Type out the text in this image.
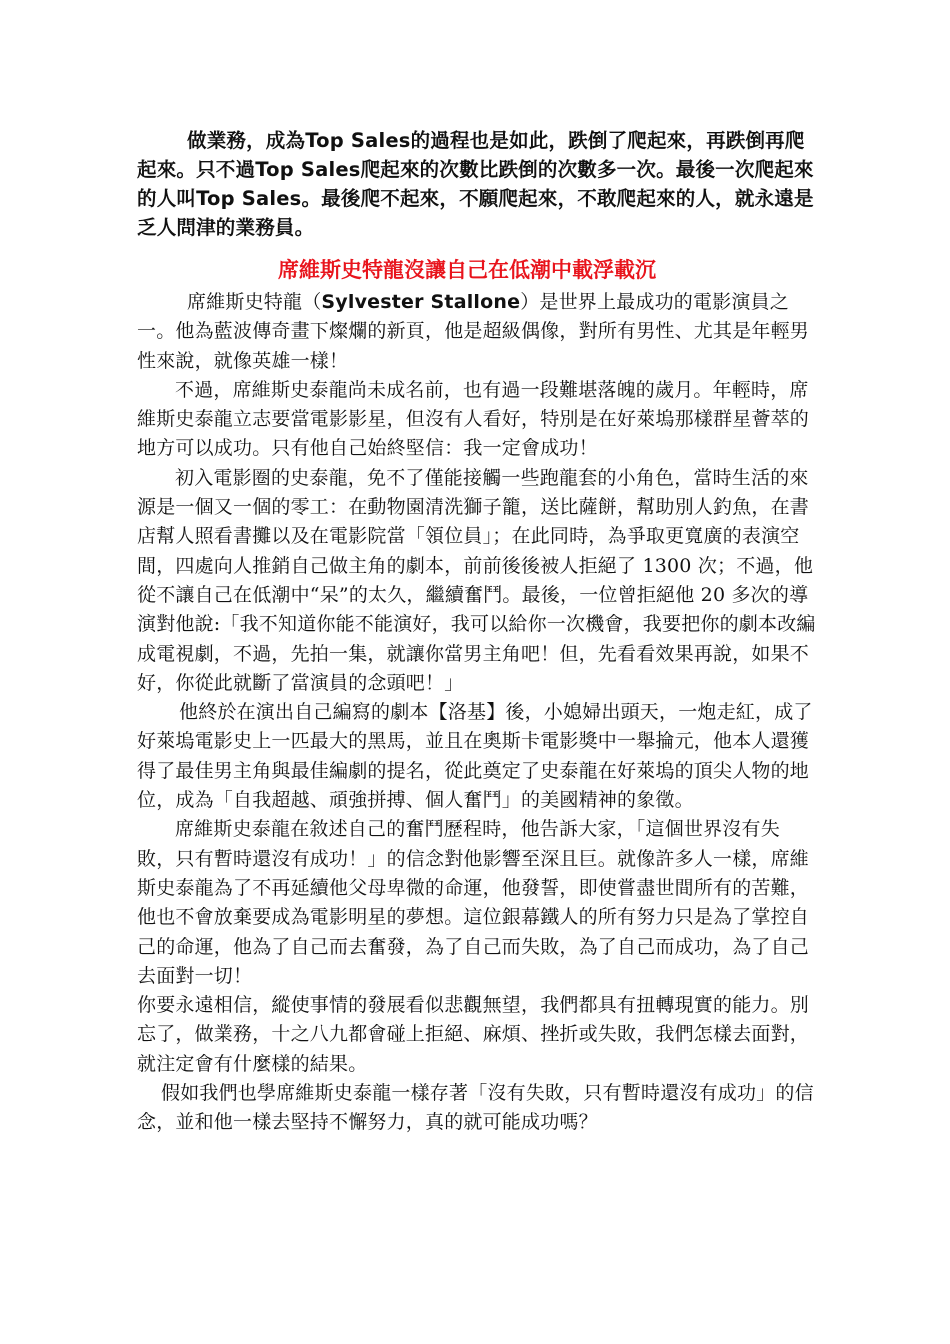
做業務，成為Top Sales的過程也是如此，跌倒了爬起來，再跌倒再爬起來。只不過Top Sales爬起來的次數比跌倒的次數多一次。最後一次爬起來的人叫Top Sales。最後爬不起來，不願爬起來，不敢爬起來的人，就永遠是乏人問津的業務員。

席維斯史特龍沒讓自己在低潮中載浮載沉

席維斯史特龍（Sylvester Stallone）是世界上最成功的電影演員之一。他為藍波傳奇畫下燦爛的新頁，他是超級偶像，對所有男性、尤其是年輕男性來說，就像英雄一樣！

不過，席維斯史泰龍尚未成名前，也有過一段難堪落魄的歲月。年輕時，席維斯史泰龍立志要當電影影星，但沒有人看好，特別是在好萊塢那樣群星薈萃的地方可以成功。只有他自己始終堅信：我一定會成功！

初入電影圈的史泰龍，免不了僅能接觸一些跑龍套的小角色，當時生活的來源是一個又一個的零工：在動物園清洗獅子籠，送比薩餅，幫助別人釣魚，在書店幫人照看書攤以及在電影院當「領位員」；在此同時，為爭取更寬廣的表演空間，四處向人推銷自己做主角的劇本，前前後後被人拒絕了 1300 次；不過，他從不讓自己在低潮中“呆”的太久，繼續奮鬥。最後，一位曾拒絕他 20 多次的導演對他說:「我不知道你能不能演好，我可以給你一次機會，我要把你的劇本改編成電視劇，不過，先拍一集，就讓你當男主角吧！但，先看看效果再說，如果不好，你從此就斷了當演員的念頭吧！」

他終於在演出自己編寫的劇本【洛基】後，小媳婦出頭天，一炮走紅，成了好萊塢電影史上一匹最大的黑馬，並且在奧斯卡電影獎中一舉掄元，他本人還獲得了最佳男主角與最佳編劇的提名，從此奠定了史泰龍在好萊塢的頂尖人物的地位，成為「自我超越、頑強拼搏、個人奮鬥」的美國精神的象徵。

席維斯史泰龍在敘述自己的奮鬥歷程時，他告訴大家，「這個世界沒有失敗，只有暫時還沒有成功！」的信念對他影響至深且巨。就像許多人一樣，席維斯史泰龍為了不再延續他父母卑微的命運，他發誓，即使嘗盡世間所有的苦難，他也不會放棄要成為電影明星的夢想。這位銀幕鐵人的所有努力只是為了掌控自己的命運，他為了自己而去奮發，為了自己而失敗，為了自己而成功，為了自己去面對一切！

你要永遠相信，縱使事情的發展看似悲觀無望，我們都具有扭轉現實的能力。別忘了，做業務，十之八九都會碰上拒絕、麻煩、挫折或失敗，我們怎樣去面對，就注定會有什麼樣的結果。

假如我們也學席維斯史泰龍一樣存著「沒有失敗，只有暫時還沒有成功」的信念，並和他一樣去堅持不懈努力，真的就可能成功嗎？
